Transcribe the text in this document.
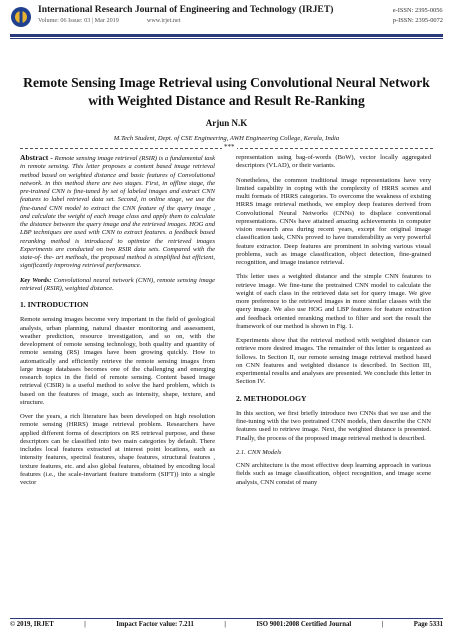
International Research Journal of Engineering and Technology (IRJET)
Volume: 06 Issue: 03 | Mar 2019	www.irjet.net
e-ISSN: 2395-0056
p-ISSN: 2395-0072
Remote Sensing Image Retrieval using Convolutional Neural Network with Weighted Distance and Result Re-Ranking
Arjun N.K
M.Tech Student, Dept. of CSE Engineering, AWH Engineering College, Kerala, India
***

Abstract - Remote sensing image retrieval (RSIR) is a fundamental task in remote sensing. This letter proposes a content based image retrieval method based on weighted distance and basic features of Convolutional network. in this method there are two stages. First, in offline stage, the pre-trained CNN is fine-tuned by set of labeled images and extract CNN features to label retrieval data set. Second, in online stage, we use the fine-tuned CNN model to extract the CNN feature of the query image , and calculate the weight of each image class and apply them to calculate the distance between the query image and the retrieved images. HOG and LBP techniques are used with CNN to extract features. a feedback based reranking method is introduced to optimize the retrieved images Experiments are conducted on two RSIR data sets. Compared with the state-of- the- art methods, the proposed method is simplified but efficient, significantly improving retrieval performance.

Key Words: Convolutional neural network (CNN), remote sensing image retrieval (RSIR), weighted distance.

1. INTRODUCTION

Remote sensing images become very important in the field of geological analysis, urban planning, natural disaster monitoring and assessment, weather prediction, resource investigation, and so on, with the development of remote sensing technology, both quality and quantity of remote sensing (RS) images have been growing quickly. How to automatically and efficiently retrieve the remote sensing images from large image databases becomes one of the challenging and emerging research topics in the field of remote sensing. Content based image retrieval (CBIR) is a useful method to solve the hard problem, which is based on the features of image, such as intensity, shape, texture, and structure.

Over the years, a rich literature has been developed on high resolution remote sensing (HRRS) image retrieval problem. Researchers have applied different forms of descriptors on RS retrieval purpose, and these descriptors can be classified into two main categories by default. There includes local features extracted at interest point locations, such as intensity features, spectral features, shape features, structural features , texture features, etc. and also global features, obtained by encoding local features (i.e., the scale-invariant feature transform (SIFT)) into a single vector

representation using bag-of-words (BoW), vector locally aggregated descriptors (VLAD), or their variants.

Nonetheless, the common traditional image representations have very limited capability in coping with the complexity of HRRS scenes and multi formats of HRRS categories. To overcome the weakness of existing HRRS image retrieval methods, we employ deep features derived from Convolutional Neural Networks (CNNs) to displace conventional representations. CNNs have attained amazing achievements in computer vision research area during recent years, except for original image classification task, CNNs proved to have transferability as very powerful feature extractor. Deep features are prominent in solving various visual problems, such as image classification, object detection, fine-grained recognition, and image instance retrieval.

This letter uses a weighted distance and the simple CNN features to retrieve image. We fine-tune the pretrained CNN model to calculate the weight of each class in the retrieved data set for query image. We give more preference to the retrieved images in more similar classes with the query image. We also use HOG and LBP features for feature extraction and feedback oriented reranking method to filter and sort the result the framework of our method is shown in Fig. 1.

Experiments show that the retrieval method with weighted distance can retrieve more desired images. The remainder of this letter is organized as follows. In Section II, our remote sensing image retrieval method based on CNN features and weighted distance is described. In Section III, experimental results and analyses are presented. We conclude this letter in Section IV.

2. METHODOLOGY

In this section, we first briefly introduce two CNNs that we use and the fine-tuning with the two pretrained CNN models, then describe the CNN features used to retrieve image. Next, the weighted distance is presented. Finally, the process of the proposed image retrieval method is described.

2.1. CNN Models

CNN architecture is the most effective deep learning approach in various fields such as image classification, object recognition, and image scene analysis, CNN consist of many

© 2019, IRJET	|	Impact Factor value: 7.211	|	ISO 9001:2008 Certified Journal	|	Page 5331
